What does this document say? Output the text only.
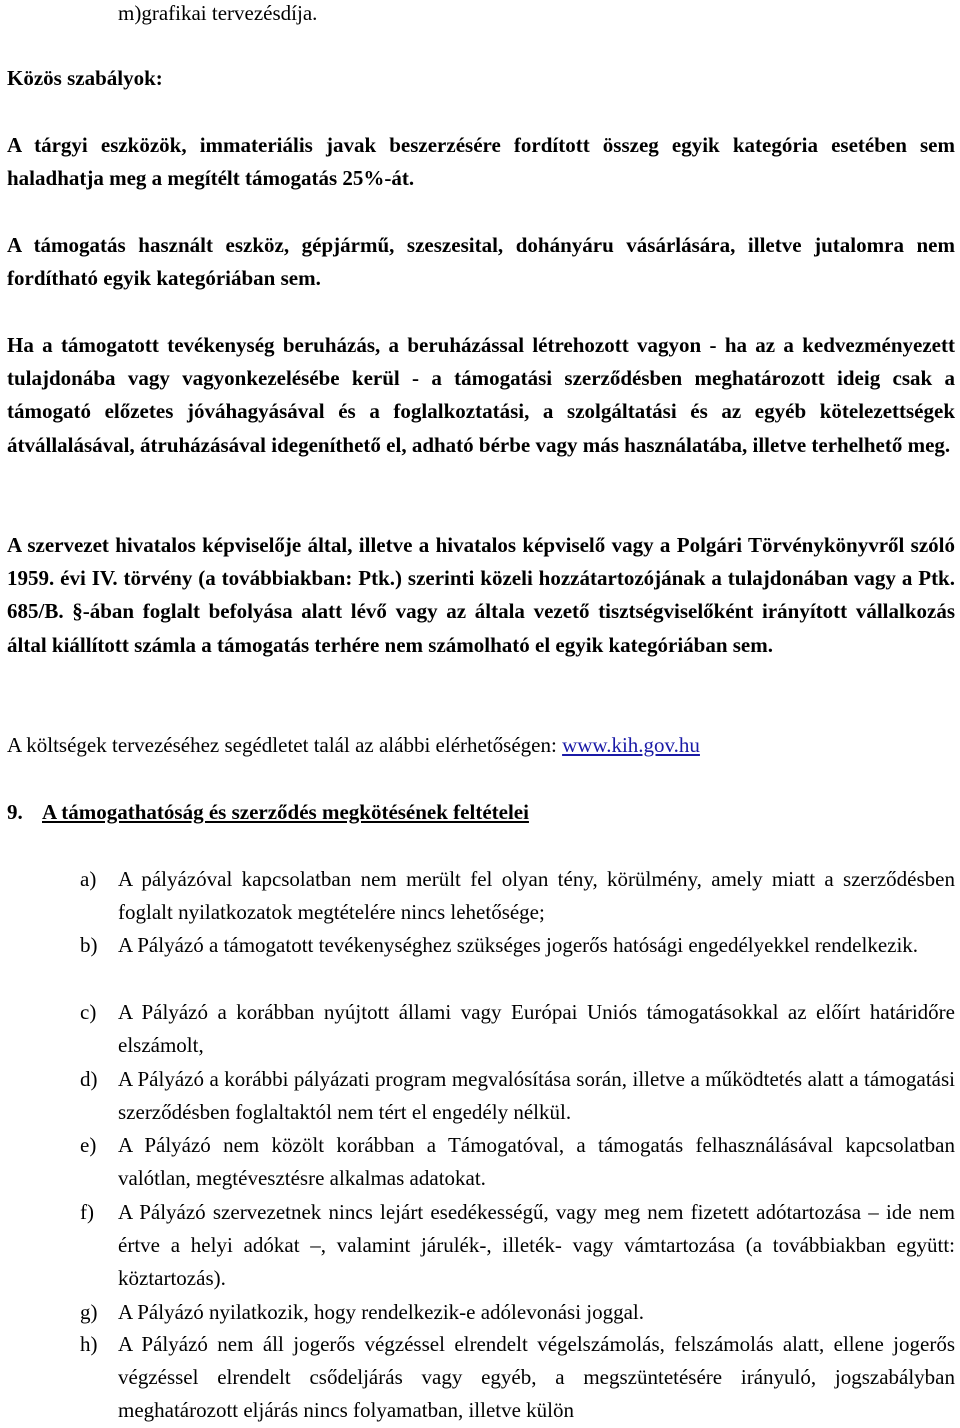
m)grafikai tervezésdíja.

Közös szabályok:

A tárgyi eszközök, immateriális javak beszerzésére fordított összeg egyik kategória esetében sem haladhatja meg a megítélt támogatás 25%-át.

A támogatás használt eszköz, gépjármű, szeszesital, dohányáru vásárlására, illetve jutalomra nem fordítható egyik kategóriában sem.

Ha a támogatott tevékenység beruházás, a beruházással létrehozott vagyon - ha az a kedvezményezett tulajdonába vagy vagyonkezelésébe kerül - a támogatási szerződésben meghatározott ideig csak a támogató előzetes jóváhagyásával és a foglalkoztatási, a szolgáltatási és az egyéb kötelezettségek átvállalásával, átruházásával idegeníthető el, adható bérbe vagy más használatába, illetve terhelhető meg.

A szervezet hivatalos képviselője által, illetve a hivatalos képviselő vagy a Polgári Törvénykönyvről szóló 1959. évi IV. törvény (a továbbiakban: Ptk.) szerinti közeli hozzátartozójának a tulajdonában vagy a Ptk. 685/B. §-ában foglalt befolyása alatt lévő vagy az általa vezető tisztségviselőként irányított vállalkozás által kiállított számla a támogatás terhére nem számolható el egyik kategóriában sem.

A költségek tervezéséhez segédletet talál az alábbi elérhetőségen: www.kih.gov.hu

9. A támogathatóság és szerződés megkötésének feltételei
a)	A pályázóval kapcsolatban nem merült fel olyan tény, körülmény, amely miatt a szerződésben foglalt nyilatkozatok megtételére nincs lehetősége;
b) A Pályázó a támogatott tevékenységhez szükséges jogerős hatósági engedélyekkel rendelkezik.
c)	A Pályázó a korábban nyújtott állami vagy Európai Uniós támogatásokkal az előírt határidőre elszámolt,
d) A Pályázó a korábbi pályázati program megvalósítása során, illetve a működtetés alatt a támogatási szerződésben foglaltaktól nem tért el engedély nélkül.
e)	A Pályázó nem közölt korábban a Támogatóval, a támogatás felhasználásával kapcsolatban valótlan, megtévesztésre alkalmas adatokat.
f)	A Pályázó szervezetnek nincs lejárt esedékességű, vagy meg nem fizetett adótartozása – ide nem értve a helyi adókat –, valamint járulék-, illeték- vagy vámtartozása (a továbbiakban együtt: köztartozás).
g) A Pályázó nyilatkozik, hogy rendelkezik-e adólevonási joggal.
h) A Pályázó nem áll jogerős végzéssel elrendelt végelszámolás, felszámolás alatt, ellene jogerős végzéssel elrendelt csődeljárás vagy egyéb, a megszüntetésére irányuló, jogszabályban meghatározott eljárás nincs folyamatban, illetve külön
